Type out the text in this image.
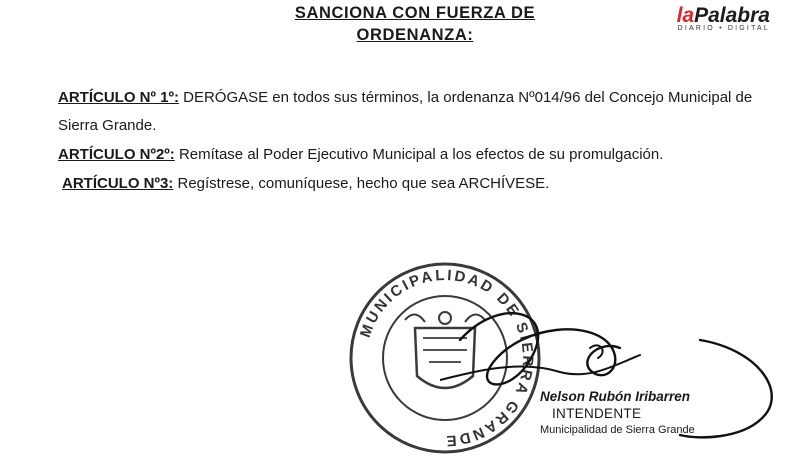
SANCIONA CON FUERZA DE
ORDENANZA:
laPalabra
DIARIO • DIGITAL
ARTÍCULO Nº 1º: DERÓGASE en todos sus términos, la ordenanza Nº014/96 del Concejo Municipal de Sierra Grande.
ARTÍCULO Nº2º: Remítase al Poder Ejecutivo Municipal a los efectos de su promulgación.
ARTÍCULO Nº3: Regístrese, comuníquese, hecho que sea ARCHÍVESE.
MUNICIPALIDAD DE SIERRA GRANDE
Nelson Rubón Iribarren
INTENDENTE
Municipalidad de Sierra Grande
